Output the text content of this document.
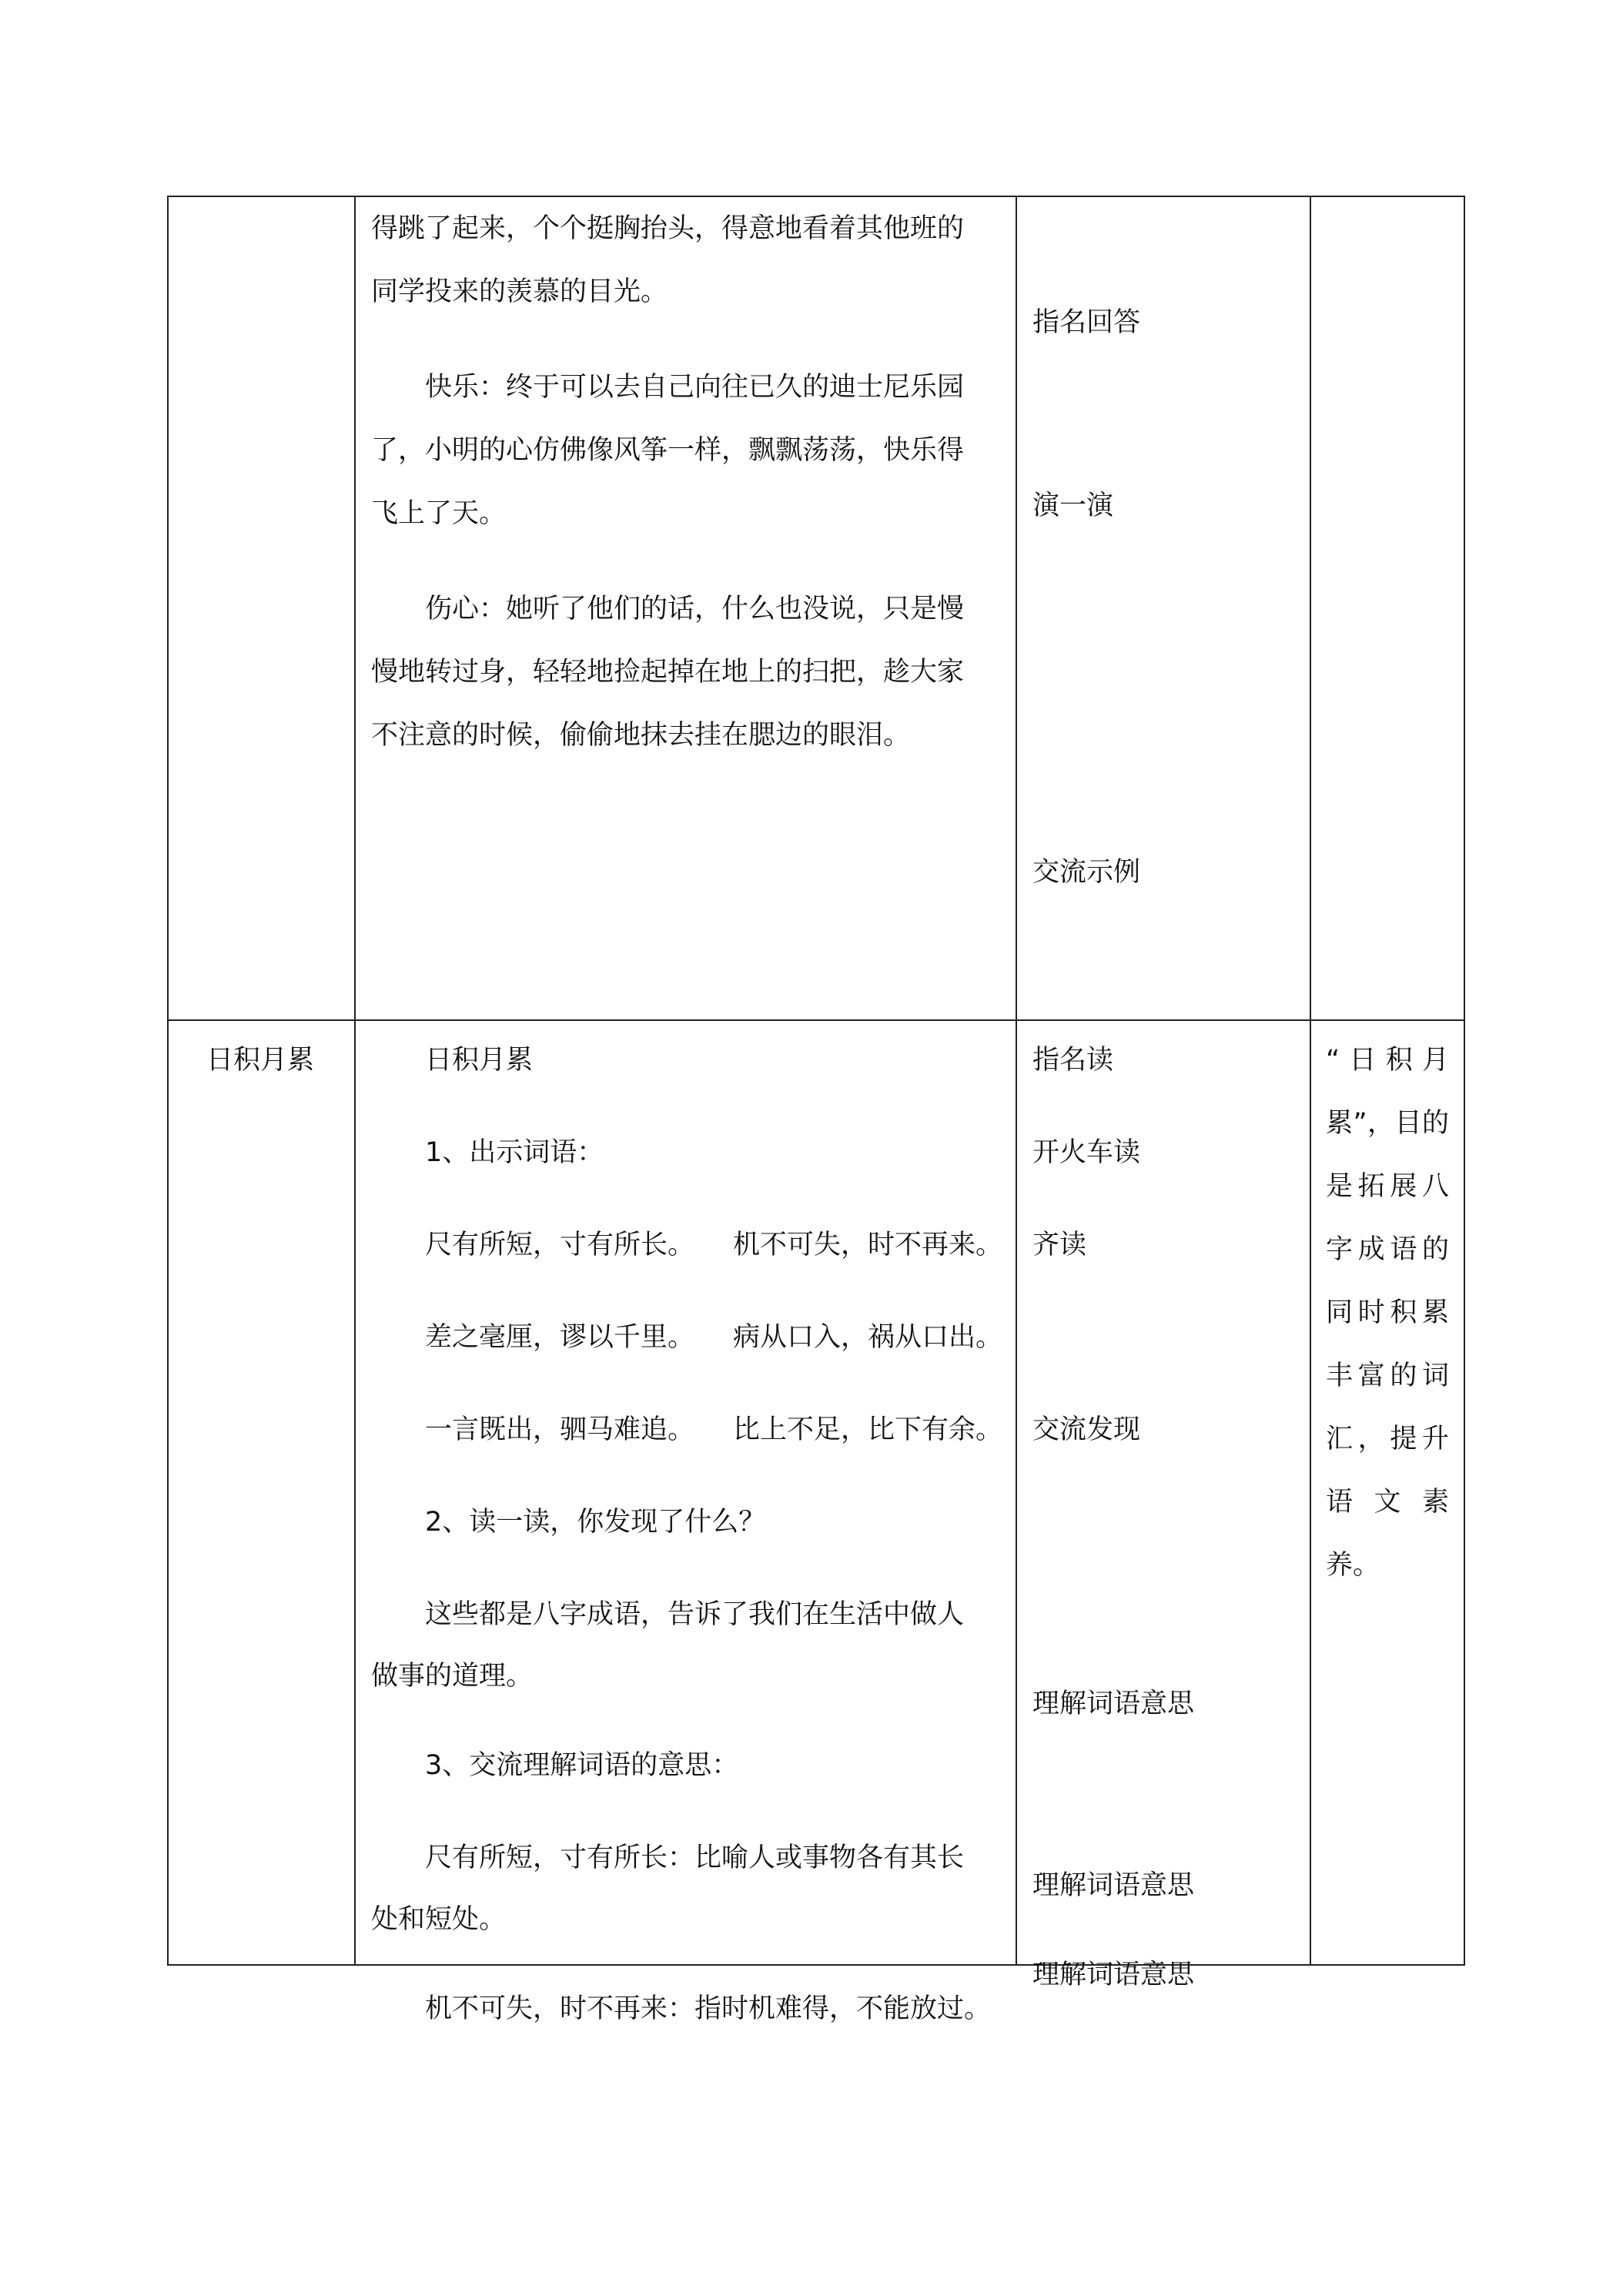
得跳了起来，个个挺胸抬头，得意地看着其他班的
同学投来的羡慕的目光。
快乐：终于可以去自己向往已久的迪士尼乐园
了，小明的心仿佛像风筝一样，飘飘荡荡，快乐得
飞上了天。
伤心：她听了他们的话，什么也没说，只是慢
慢地转过身，轻轻地捡起掉在地上的扫把，趁大家
不注意的时候，偷偷地抹去挂在腮边的眼泪。
指名回答
演一演
交流示例
日积月累	日积月累
1、出示词语：
尺有所短，寸有所长。 机不可失，时不再来。
差之毫厘，谬以千里。 病从口入，祸从口出。
一言既出，驷马难追。 比上不足，比下有余。
2、读一读，你发现了什么？
这些都是八字成语，告诉了我们在生活中做人
做事的道理。
3、交流理解词语的意思：
尺有所短，寸有所长：比喻人或事物各有其长
处和短处。
机不可失，时不再来：指时机难得，不能放过。
指名读
开火车读
齐读
交流发现
理解词语意思
理解词语意思
理解词语意思
“日积月
累”，目的
是拓展八
字成语的
同时积累
丰富的词
汇，提升
语文素
养。
